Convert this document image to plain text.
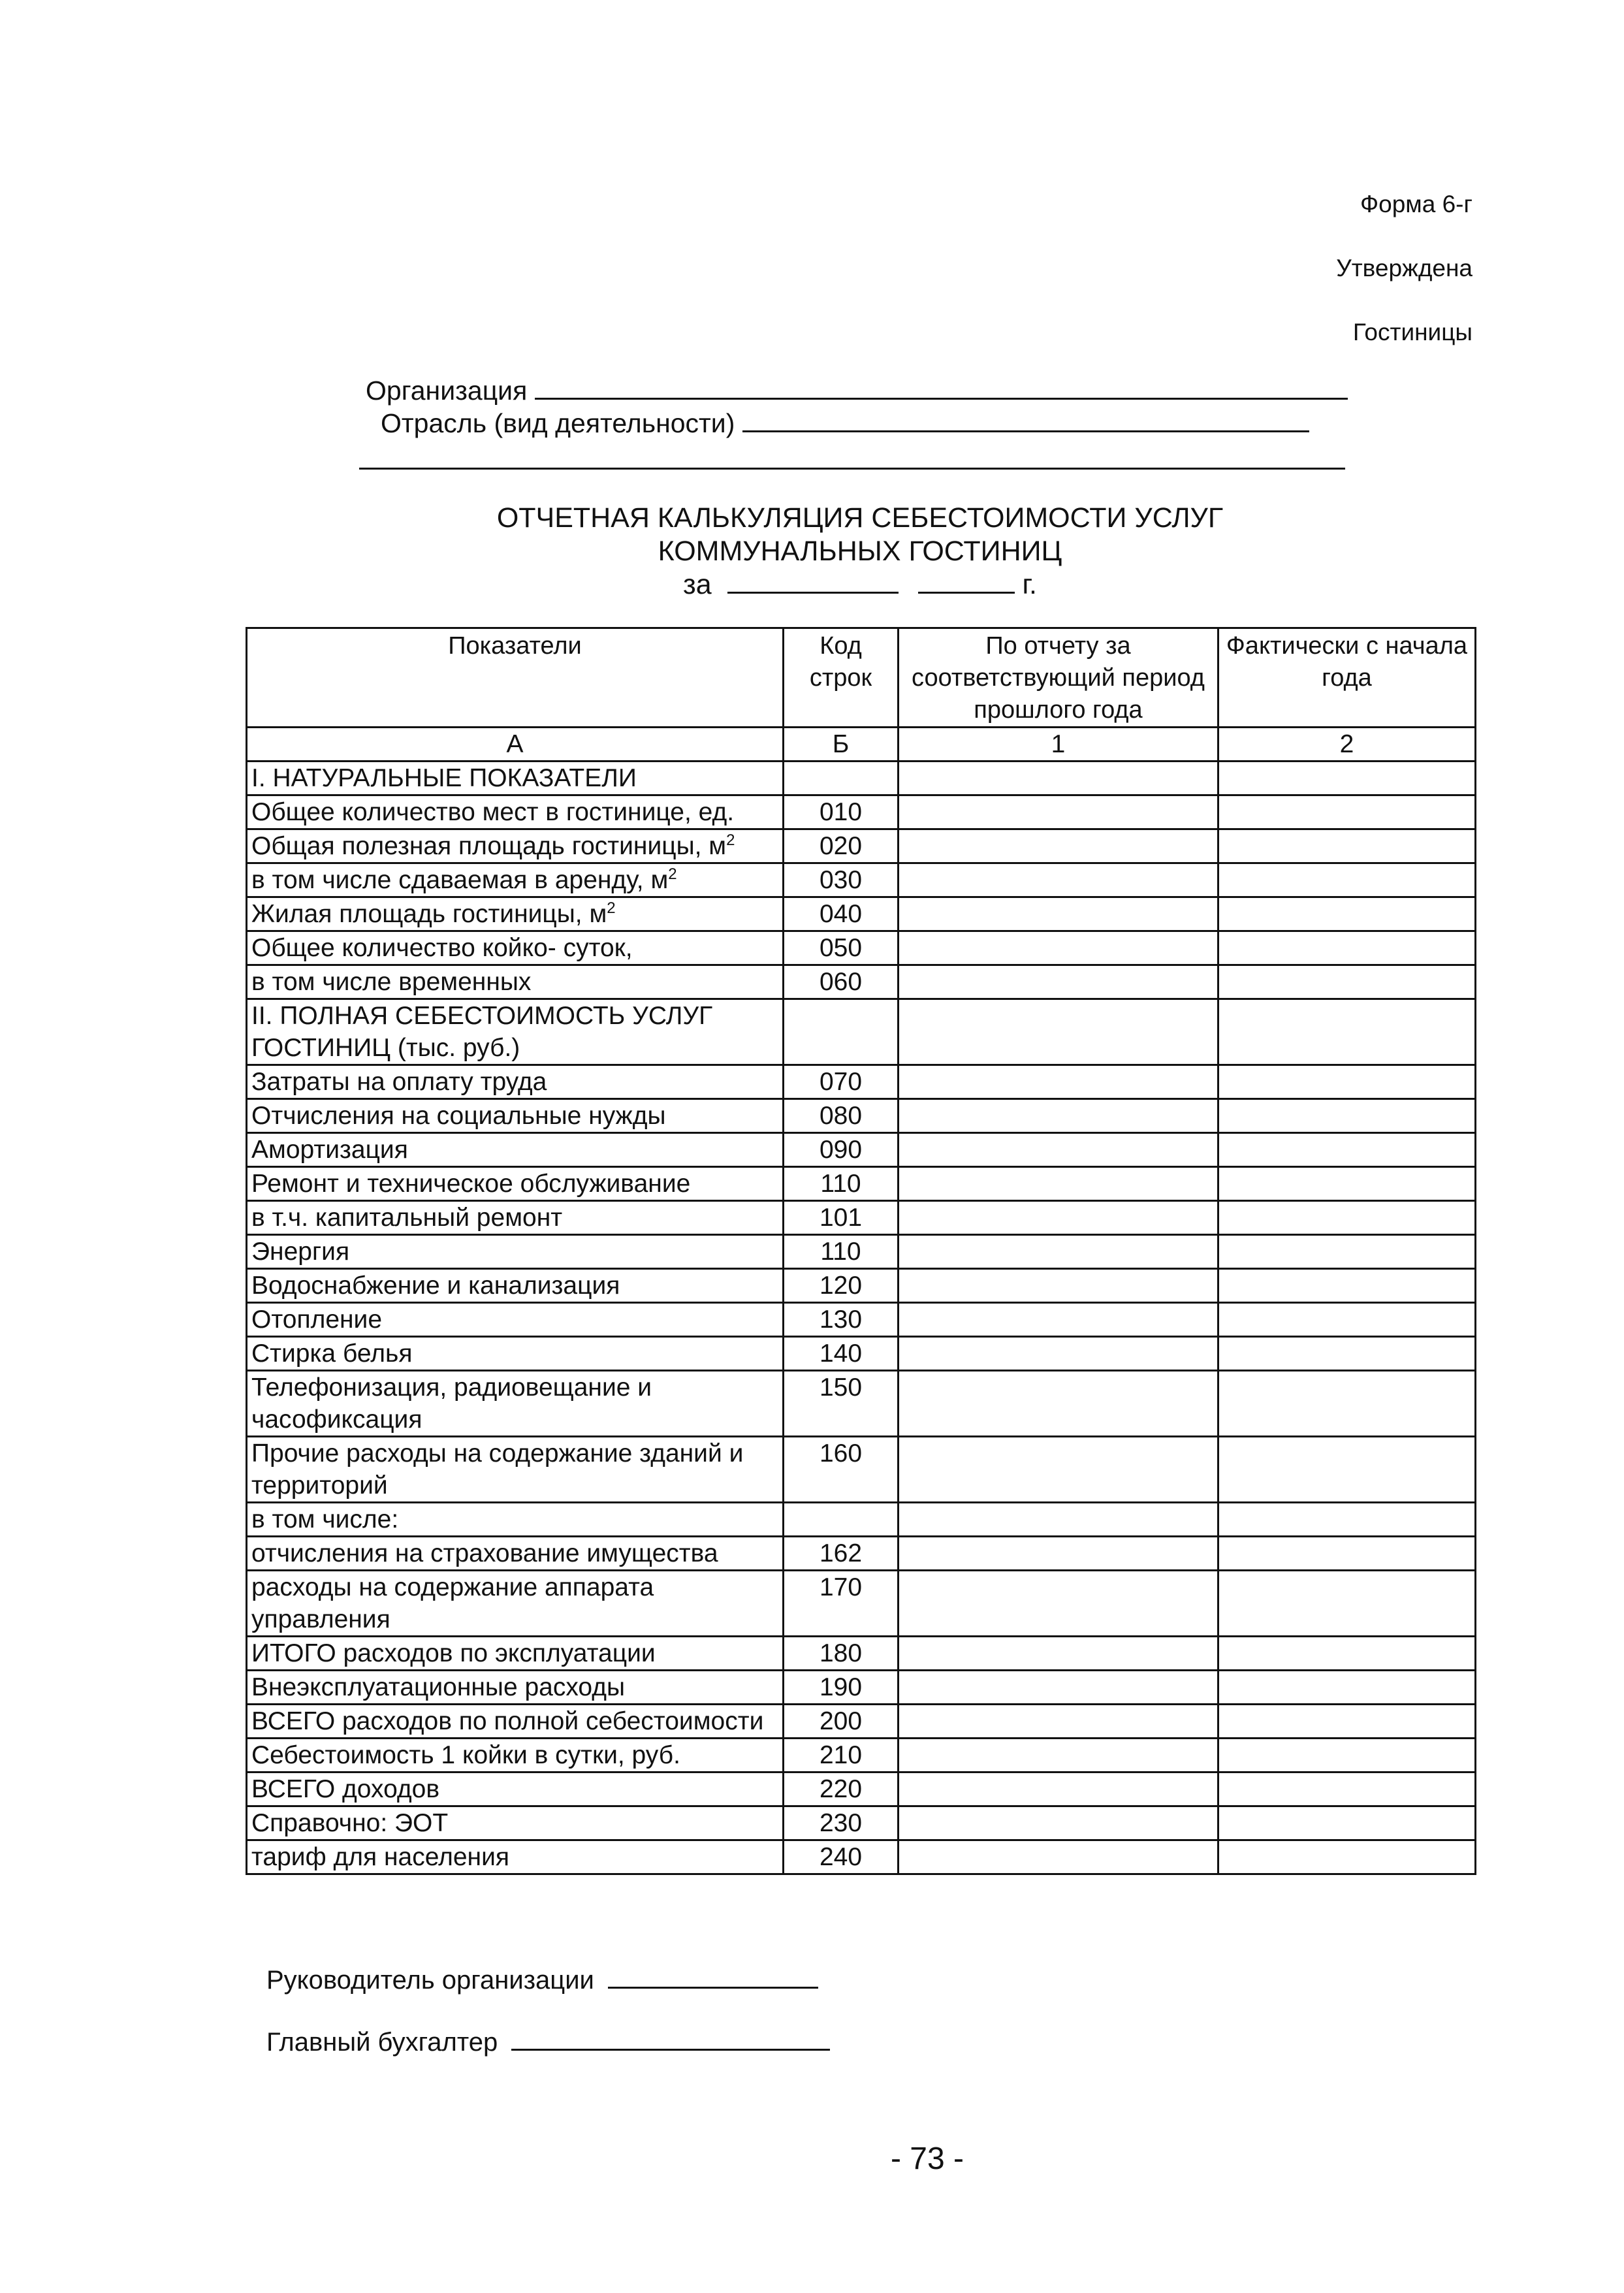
Форма 6-г
Утверждена
Гостиницы
Организация
Отрасль (вид деятельности)
ОТЧЕТНАЯ КАЛЬКУЛЯЦИЯ СЕБЕСТОИМОСТИ УСЛУГ
КОММУНАЛЬНЫХ ГОСТИНИЦ
за	г.
Показатели	Код строк	По отчету за соответствующий период прошлого года	Фактически с начала года
А	Б	1	2
I. НАТУРАЛЬНЫЕ ПОКАЗАТЕЛИ			
Общее количество мест в гостинице, ед.	010		
Общая полезная площадь гостиницы, $м^2$	020		
в том числе сдаваемая в аренду, $м^2$	030		
Жилая площадь гостиницы, $м^2$	040		
Общее количество койко- суток,	050		
в том числе временных	060		
II. ПОЛНАЯ СЕБЕСТОИМОСТЬ УСЛУГ ГОСТИНИЦ (тыс. руб.)			
Затраты на оплату труда	070		
Отчисления на социальные нужды	080		
Амортизация	090		
Ремонт и техническое обслуживание	110		
в т.ч. капитальный ремонт	101		
Энергия	110		
Водоснабжение и канализация	120		
Отопление	130		
Стирка белья	140		
Телефонизация, радиовещание и часофиксация	150		
Прочие расходы на содержание зданий и территорий	160		
в том числе:			
отчисления на страхование имущества	162		
расходы на содержание аппарата управления	170		
ИТОГО расходов по эксплуатации	180		
Внеэксплуатационные расходы	190		
ВСЕГО расходов по полной себестоимости	200		
Себестоимость 1 койки в сутки, руб.	210		
ВСЕГО доходов	220		
Справочно: ЭОТ	230		
тариф для населения	240		
Руководитель организации
Главный бухгалтер
- 73 -
